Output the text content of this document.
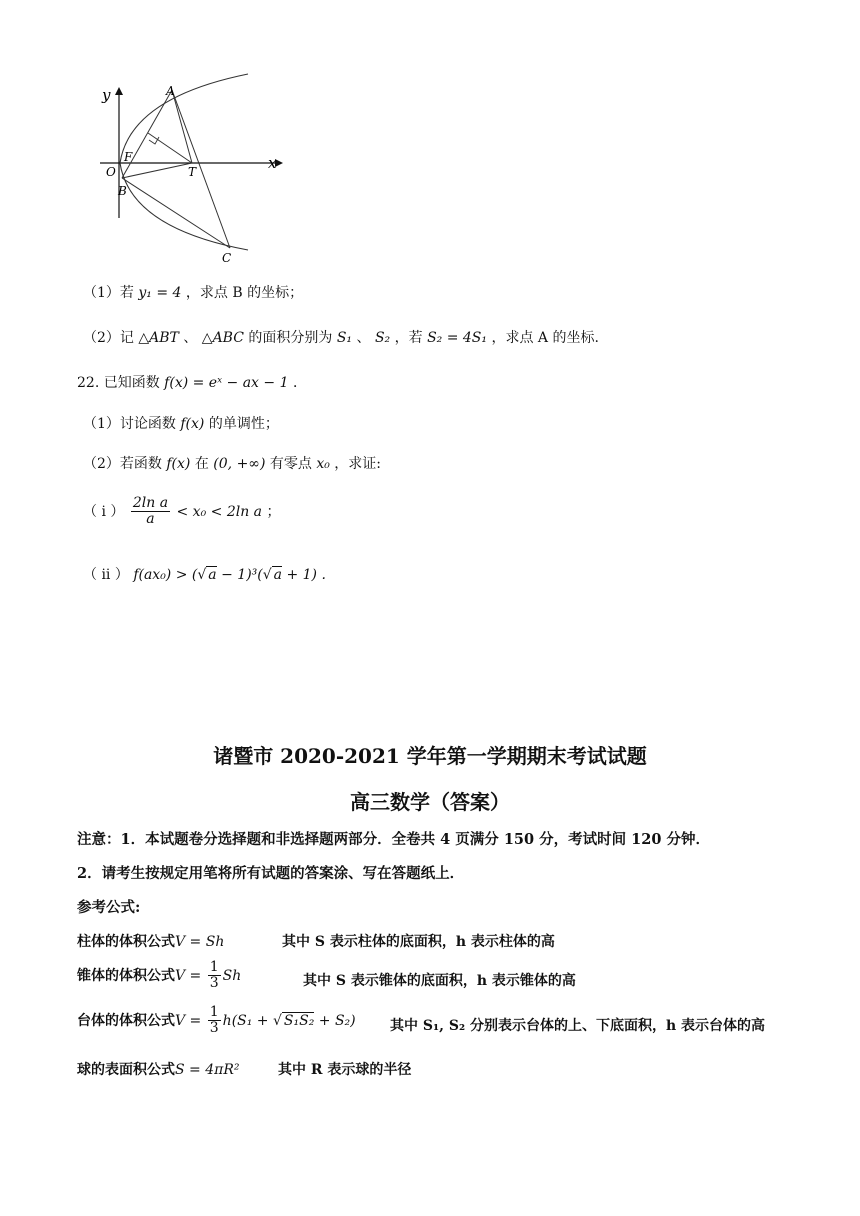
y
x
A
F
O
B
T
C
（1）若 y₁ = 4 ，求点 B 的坐标；
（2）记 △ABT 、 △ABC 的面积分别为 S₁ 、 S₂ ，若 S₂ = 4S₁ ，求点 A 的坐标.
22. 已知函数 f(x) = eˣ − ax − 1 ．
（1）讨论函数 f(x) 的单调性；
（2）若函数 f(x) 在 (0, +∞) 有零点 x₀ ，求证:
（ i ） $\frac{\text{2ln a}}{a} < x_0 < 2\ln$ a ；
（ ii ） f(ax₀) > (√ a − 1)³(√ a + 1) .
诸暨市 2020-2021 学年第一学期期末考试试题
高三数学（答案）
注意：1．本试题卷分选择题和非选择题两部分．全卷共 4 页满分 150 分，考试时间 120 分钟．
2．请考生按规定用笔将所有试题的答案涂、写在答题纸上．
参考公式:
柱体的体积公式V = Sh	其中 S 表示柱体的底面积，h 表示柱体的高
锥体的体积公式$V = \frac{1}{3}$ Sh	其中 S 表示锥体的底面积，h 表示锥体的高
台体的体积公式$V = \frac{1}{3} h(S_1$ + √ S₁S₂ + S₂) 其中 S₁, S₂ 分别表示台体的上、下底面积，h 表示台体的高
球的表面积公式S = 4πR²	其中 R 表示球的半径
